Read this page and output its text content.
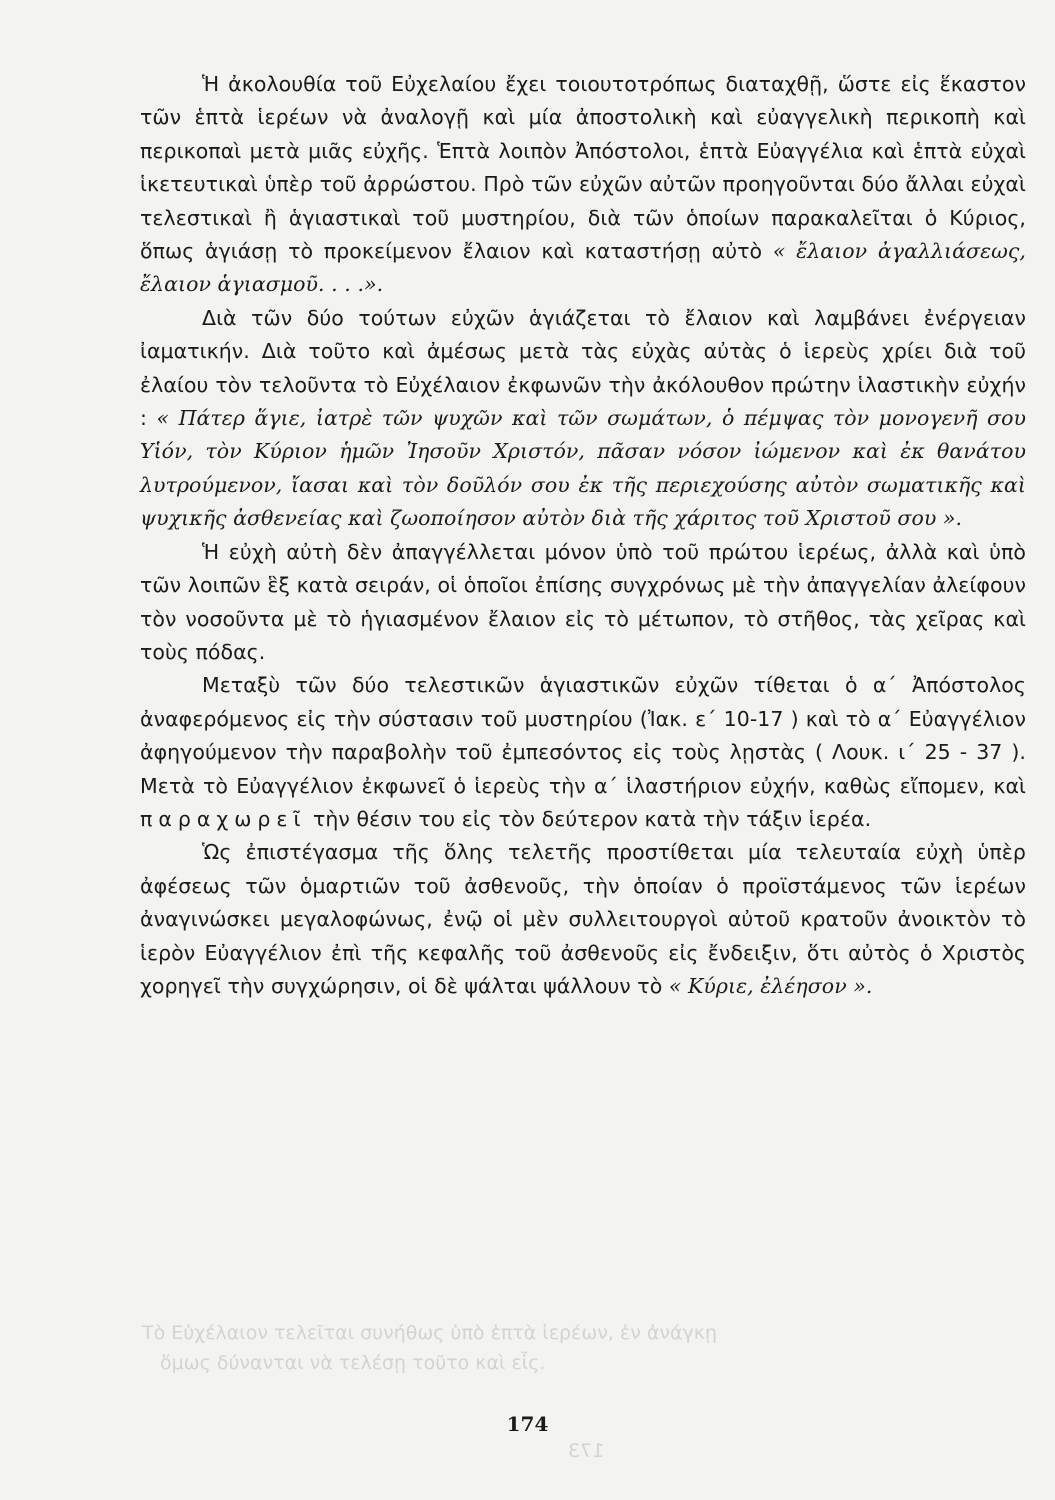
Τὸ Εὐχέλαιον τελεῖται συνήθως ὑπὸ ἑπτὰ ἱερέων, ἐν ἀνάγκῃ
ὅμως δύνανται νὰ τελέσῃ τοῦτο καὶ εἷς.
173

Ἡ ἀκολουθία τοῦ Εὐχελαίου ἔχει τοιουτοτρόπως διαταχθῇ, ὥστε εἰς ἕκαστον τῶν ἑπτὰ ἱερέων νὰ ἀναλογῇ καὶ μία ἀποστολικὴ καὶ εὐαγγελικὴ περικοπὴ καὶ περικοπαὶ μετὰ μιᾶς εὐχῆς. Ἑπτὰ λοιπὸν Ἀπόστολοι, ἑπτὰ Εὐαγγέλια καὶ ἑπτὰ εὐχαὶ ἱκετευτικαὶ ὑπὲρ τοῦ ἀρρώστου. Πρὸ τῶν εὐχῶν αὐτῶν προηγοῦνται δύο ἄλλαι εὐχαὶ τελεστικαὶ ἢ ἁγιαστικαὶ τοῦ μυστηρίου, διὰ τῶν ὁποίων παρακαλεῖται ὁ Κύριος, ὅπως ἁγιάσῃ τὸ προκείμενον ἔλαιον καὶ καταστήσῃ αὐτὸ « ἔλαιον ἀγαλλιάσεως, ἔλαιον ἁγιασμοῦ. . . .».

Διὰ τῶν δύο τούτων εὐχῶν ἁγιάζεται τὸ ἔλαιον καὶ λαμβάνει ἐνέργειαν ἰαματικήν. Διὰ τοῦτο καὶ ἀμέσως μετὰ τὰς εὐχὰς αὐτὰς ὁ ἱερεὺς χρίει διὰ τοῦ ἐλαίου τὸν τελοῦντα τὸ Εὐχέλαιον ἐκφωνῶν τὴν ἀκόλουθον πρώτην ἱλαστικὴν εὐχήν : « Πάτερ ἅγιε, ἰατρὲ τῶν ψυχῶν καὶ τῶν σωμάτων, ὁ πέμψας τὸν μονογενῆ σου Υἱόν, τὸν Κύριον ἡμῶν Ἰησοῦν Χριστόν, πᾶσαν νόσον ἰώμενον καὶ ἐκ θανάτου λυτρούμενον, ἴασαι καὶ τὸν δοῦλόν σου ἐκ τῆς περιεχούσης αὐτὸν σωματικῆς καὶ ψυχικῆς ἀσθενείας καὶ ζωοποίησον αὐτὸν διὰ τῆς χάριτος τοῦ Χριστοῦ σου ».

Ἡ εὐχὴ αὐτὴ δὲν ἀπαγγέλλεται μόνον ὑπὸ τοῦ πρώτου ἱερέως, ἀλλὰ καὶ ὑπὸ τῶν λοιπῶν ἓξ κατὰ σειράν, οἱ ὁποῖοι ἐπίσης συγχρόνως μὲ τὴν ἀπαγγελίαν ἀλείφουν τὸν νοσοῦντα μὲ τὸ ἡγιασμένον ἔλαιον εἰς τὸ μέτωπον, τὸ στῆθος, τὰς χεῖρας καὶ τοὺς πόδας.

Μεταξὺ τῶν δύο τελεστικῶν ἁγιαστικῶν εὐχῶν τίθεται ὁ α΄ Ἀπόστολος ἀναφερόμενος εἰς τὴν σύστασιν τοῦ μυστηρίου (Ἰακ. ε΄ 10-17 ) καὶ τὸ α΄ Εὐαγγέλιον ἀφηγούμενον τὴν παραβολὴν τοῦ ἐμπεσόντος εἰς τοὺς λῃστὰς ( Λουκ. ι΄ 25 - 37 ). Μετὰ τὸ Εὐαγγέλιον ἐκφωνεῖ ὁ ἱερεὺς τὴν α΄ ἱλαστήριον εὐχήν, καθὼς εἴπομεν, καὶ παραχωρεῖ τὴν θέσιν του εἰς τὸν δεύτερον κατὰ τὴν τάξιν ἱερέα.

Ὡς ἐπιστέγασμα τῆς ὅλης τελετῆς προστίθεται μία τελευταία εὐχὴ ὑπὲρ ἀφέσεως τῶν ὁμαρτιῶν τοῦ ἀσθενοῦς, τὴν ὁποίαν ὁ προϊστάμενος τῶν ἱερέων ἀναγινώσκει μεγαλοφώνως, ἐνῷ οἱ μὲν συλλειτουργοὶ αὐτοῦ κρατοῦν ἀνοικτὸν τὸ ἱερὸν Εὐαγγέλιον ἐπὶ τῆς κεφαλῆς τοῦ ἀσθενοῦς εἰς ἔνδειξιν, ὅτι αὐτὸς ὁ Χριστὸς χορηγεῖ τὴν συγχώρησιν, οἱ δὲ ψάλται ψάλλουν τὸ « Κύριε, ἐλέησον ».

174
